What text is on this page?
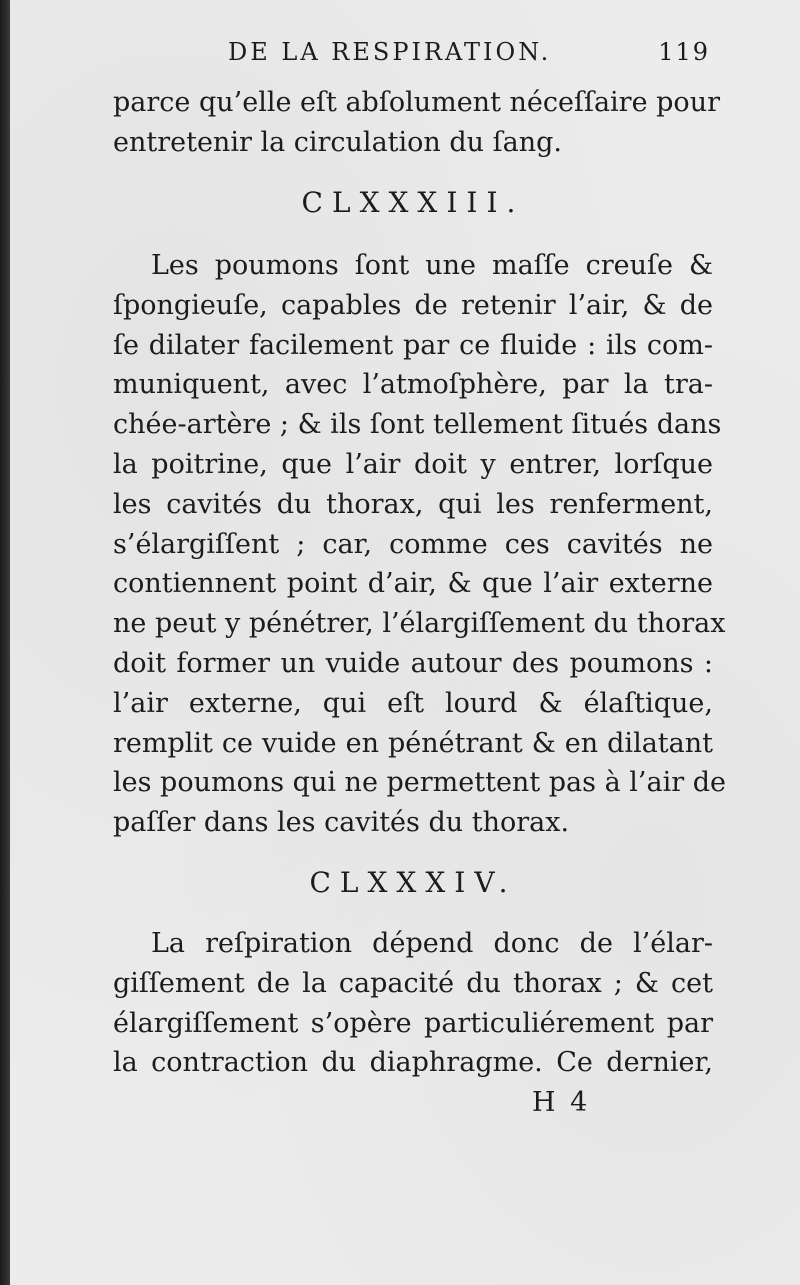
DE LA RESPIRATION.	119
parce qu’elle eſt abſolument néceſſaire pour
entretenir la circulation du ſang.
CLXXXIII.
Les poumons ſont une maſſe creuſe &
ſpongieuſe, capables de retenir l’air, & de
ſe dilater facilement par ce fluide : ils com-
muniquent, avec l’atmoſphère, par la tra-
chée-artère ; & ils ſont tellement ſitués dans
la poitrine, que l’air doit y entrer, lorſque
les cavités du thorax, qui les renferment,
s’élargiſſent ; car, comme ces cavités ne
contiennent point d’air, & que l’air externe
ne peut y pénétrer, l’élargiſſement du thorax
doit former un vuide autour des poumons :
l’air externe, qui eſt lourd & élaſtique,
remplit ce vuide en pénétrant & en dilatant
les poumons qui ne permettent pas à l’air de
paſſer dans les cavités du thorax.
CLXXXIV.
La reſpiration dépend donc de l’élar-
giſſement de la capacité du thorax ; & cet
élargiſſement s’opère particuliérement par
la contraction du diaphragme. Ce dernier,
H 4
